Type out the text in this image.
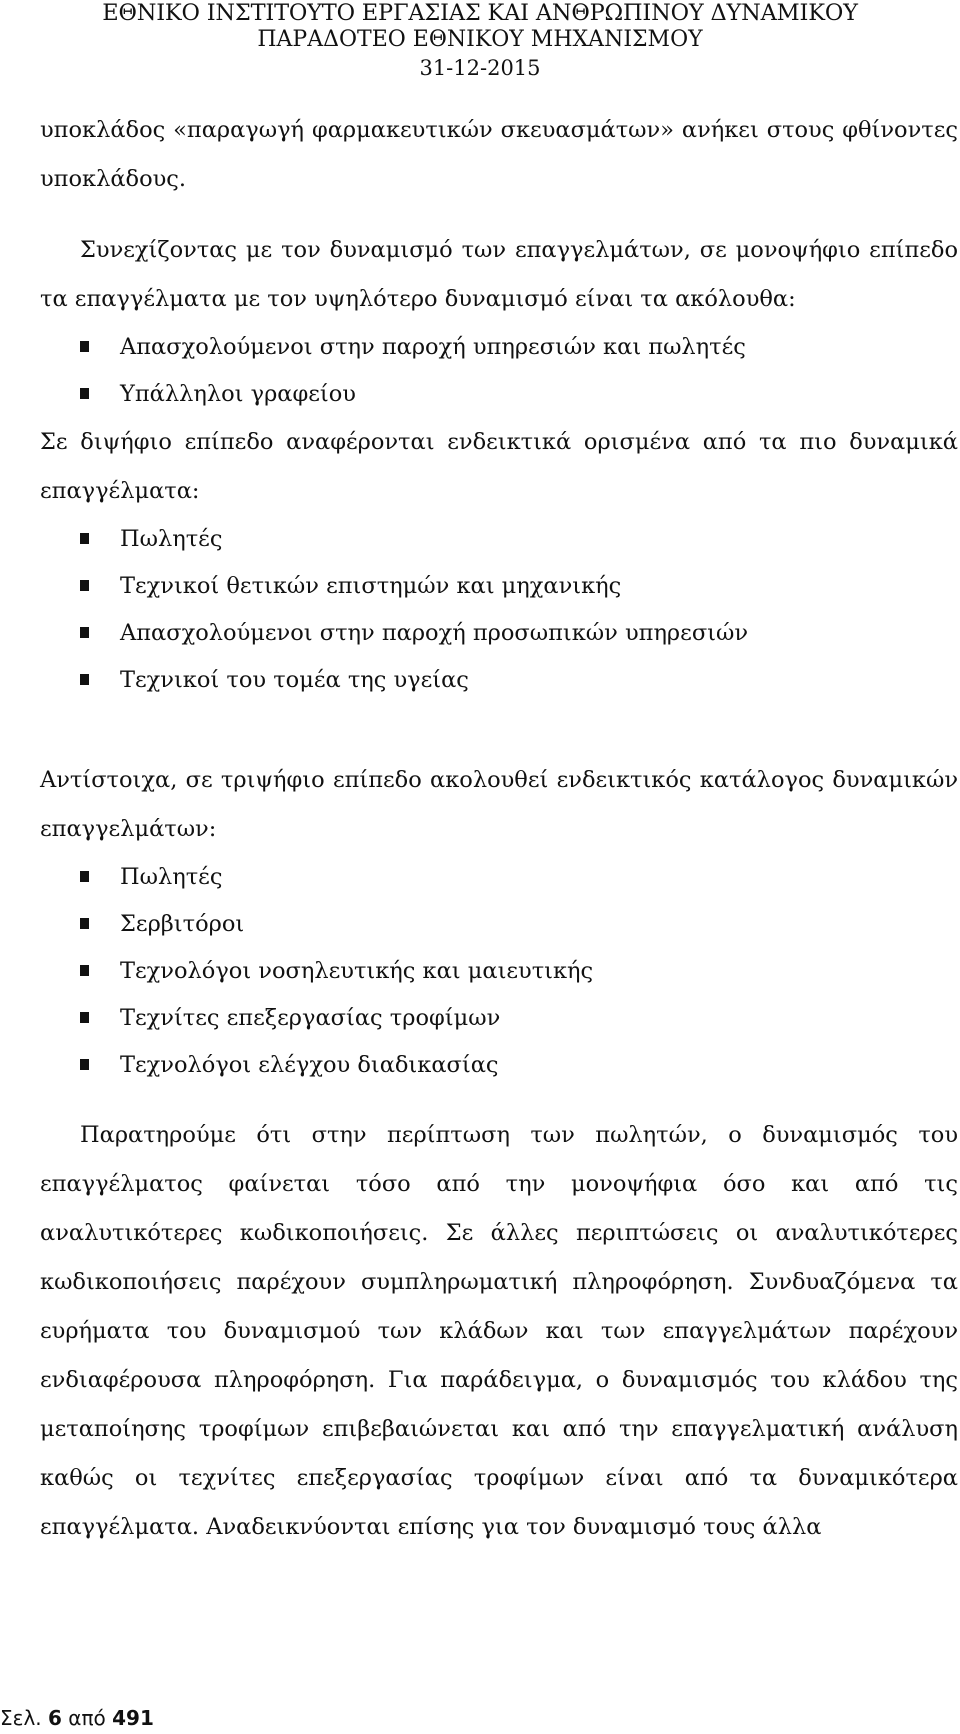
ΕΘΝΙΚΟ ΙΝΣΤΙΤΟΥΤΟ ΕΡΓΑΣΙΑΣ ΚΑΙ ΑΝΘΡΩΠΙΝΟΥ ΔΥΝΑΜΙΚΟΥ
ΠΑΡΑΔΟΤΕΟ ΕΘΝΙΚΟΥ ΜΗΧΑΝΙΣΜΟΥ
31-12-2015

υποκλάδος «παραγωγή φαρμακευτικών σκευασμάτων» ανήκει στους φθίνοντες υποκλάδους.

Συνεχίζοντας με τον δυναμισμό των επαγγελμάτων, σε μονοψήφιο επίπεδο τα επαγγέλματα με τον υψηλότερο δυναμισμό είναι τα ακόλουθα:

Απασχολούμενοι στην παροχή υπηρεσιών και πωλητές
Υπάλληλοι γραφείου

Σε διψήφιο επίπεδο αναφέρονται ενδεικτικά ορισμένα από τα πιο δυναμικά επαγγέλματα:

Πωλητές
Τεχνικοί θετικών επιστημών και μηχανικής
Απασχολούμενοι στην παροχή προσωπικών υπηρεσιών
Τεχνικοί του τομέα της υγείας

Αντίστοιχα, σε τριψήφιο επίπεδο ακολουθεί ενδεικτικός κατάλογος δυναμικών επαγγελμάτων:

Πωλητές
Σερβιτόροι
Τεχνολόγοι νοσηλευτικής και μαιευτικής
Τεχνίτες επεξεργασίας τροφίμων
Τεχνολόγοι ελέγχου διαδικασίας

Παρατηρούμε ότι στην περίπτωση των πωλητών, ο δυναμισμός του επαγγέλματος φαίνεται τόσο από την μονοψήφια όσο και από τις αναλυτικότερες κωδικοποιήσεις. Σε άλλες περιπτώσεις οι αναλυτικότερες κωδικοποιήσεις παρέχουν συμπληρωματική πληροφόρηση. Συνδυαζόμενα τα ευρήματα του δυναμισμού των κλάδων και των επαγγελμάτων παρέχουν ενδιαφέρουσα πληροφόρηση. Για παράδειγμα, ο δυναμισμός του κλάδου της μεταποίησης τροφίμων επιβεβαιώνεται και από την επαγγελματική ανάλυση καθώς οι τεχνίτες επεξεργασίας τροφίμων είναι από τα δυναμικότερα επαγγέλματα. Αναδεικνύονται επίσης για τον δυναμισμό τους άλλα

Σελ. 6 από 491
